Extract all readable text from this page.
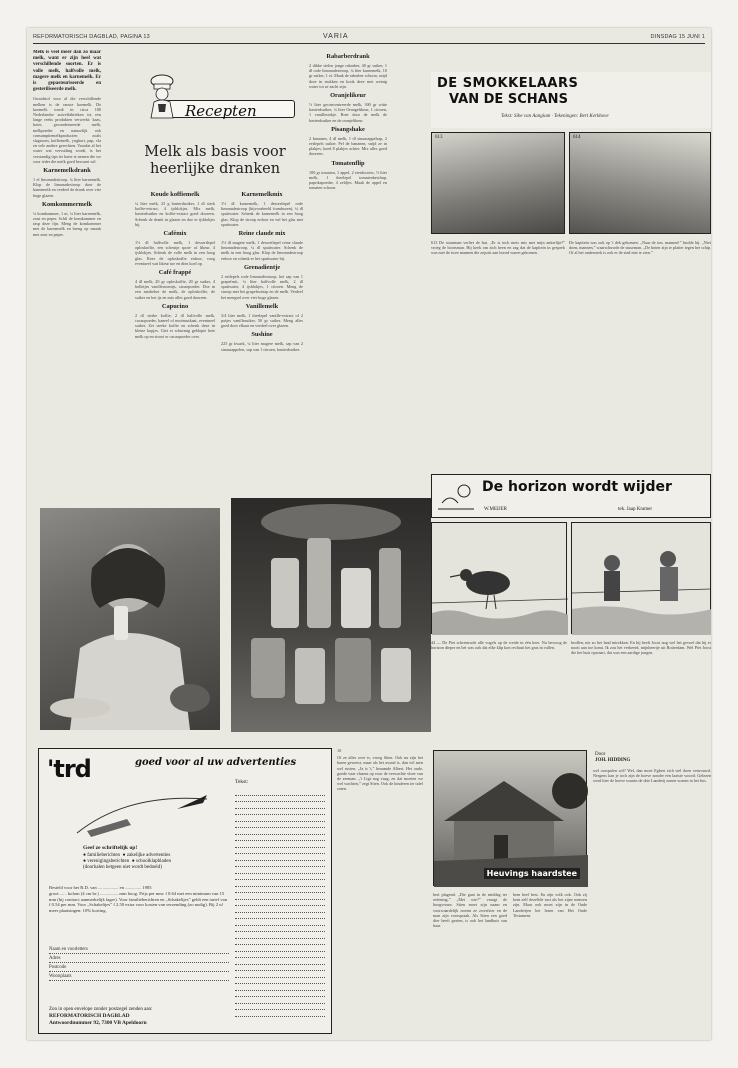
REFORMATORISCH DAGBLAD, PAGINA 13	VARIA	DINSDAG 15 JUNI 1

Melk is veel meer dan zo maar melk, want er zijn heel wat verschillende soorten. Er is volle melk, halfvolle melk, magere melk en karnemelk. Er is gepasteuriseerde en gesteriliseerde melk.

Grondstof voor al die verschillende melken is de rauwe koemelk. De koemelk wordt in circa 180 Nederlandse zuivelfabrieken tot een lange reeks produkten verwerkt: kaas, boter, gecondenseerde melk, melkpoeder en natuurlijk ook consumptiemelkproducten zoals slagroom, koffiemelk, yoghurt, pap, vla en vele andere gerechten. Voordat al het water wat vervuiling wordt, is het verstandig tips ter harte te nemen die we voor ieder die melk goed bewaart wil.

Karnemelkdrank

1 el limonadesiroop, ¼ liter karnemelk. Klop de limonadesiroop door de karnemelk en verdeel de drank over vier hoge glazen.

Komkommermelk

¼ komkommer, 1 ui, ¼ liter karnemelk, zout en peper. Schil de komkommer en rasp deze fijn. Meng de komkommer met de karnemelk en breng op smaak met zout en peper.

Recepten
Melk als basis voor heerlijke dranken
Koude koffiemelk

¼ liter melk, 23 g basterdsuiker, 1 dl sterk koffie-extract, 4 ijsblokjes. Mix melk, basterdsuiker en koffie-extract goed dooreen. Schenk de drank in glazen en doe er ijsblokjes bij.

Cafémix

1½ dl halfvolle melk, 1 dessertlepel oploskoffie, een scheutje sport- of likeur, 4 ijsblokjes. Schenk de volle melk in een hoog glas. Roer de oploskoffie erdoor, voeg eventueel wat likeur toe en dien koel op.

Café frappé

4 dl melk, 20 gr oploskoffie, 20 gr suiker, 4 bolletjes vanilleroomijs, cacaopoeder. Doe in een mixbeker de melk, de oploskoffie, de suiker en het ijs en mix alles goed dooreen.

Capucino

2 dl sterke koffie, 2 dl halfvolle melk, cacaopoeder, kaneel of nootmuskaat, eventueel suiker. Zet sterke koffie en schenk deze in kleine kopjes. Giet er schuimig geklopte hete melk op en strooi er cacaopoeder over.

Karnemelkmix

1½ dl karnemelk, 1 dessertlepel rode limonadesiroop (bijvoorbeeld frambozen), ¼ dl spuitwater. Schenk de karnemelk in een hoog glas. Klop de siroop erdoor en vul het glas met spuitwater.

Reine claude mix

1½ dl magere melk, 1 dessertlepel reine claude limonadesiroop, ¼ dl spuitwater. Schenk de melk in een hoog glas. Klop de limonadesiroop erdoor en schenk er het spuitwater bij.

Grenadientje

2 eetlepels rode limonadesiroop, het sap van 1 grapefruit, ¼ liter halfvolle melk, 2 dl spuitwater, 4 ijsblokjes, 1 citroen. Meng de siroop met het grapefruitsap en de melk. Verdeel het mengsel over vier hoge glazen.

Vanillemelk

3/4 liter melk, 1 theelepel vanille-extract of 2 potjes vanillesuiker, 50 gr suiker. Meng alles goed door elkaar en verdeel over glazen.

Sushine

225 gr kwark, ¼ liter magere melk, sap van 2 sinaasappelen, sap van 1 citroen, basterdsuiker.

Rabarberdrank

2 dikke stelen jonge rabarber, 40 gr suiker, 1 dl rode limonadesiroop, ¼ liter karnemelk, 10 gr suiker, 1 ei. Maak de rabarber schoon, snijd deze in stukken en kook deze met weinig water tot ze zacht zijn.

Oranjelikeur

½ liter geconcentreerde melk, 300 gr witte basterdsuiker, ¼ liter Orangelikeur, 1 citroen, 1 vanillestokje. Roer door de melk de basterdsuiker en de oranjelikeur.

Pisangshake

2 bananen, 4 dl melk, 1 dl sinaasappelsap, 2 eetlepels suiker. Pel de bananen, snijd ze in plakjes, hoed 8 plakjes achter. Mix alles goed dooreen.

Tomatenflip

100 gr tomaten, 1 appel, 2 eierdooiers, ½ liter melk, 1 theelepel tomatenketchup, paprikapoeder, 4 zeldjes. Maak de appel en tomaten schoon.

DE SMOKKELAARS
VAN DE SCHANS
Tekst: Sibe van Aangium · Tekeningen: Bert Kerkhove
613	614

613 De stuurman verliet de hut. „Er is toch niets mis met mijn ankerlijn?” vroeg de bootsman. Hij keek om zich heen en zag dat de kapitein in gesprek was met de twee mannen die zojuist aan boord waren gekomen.

De kapitein was ook op 't dek gekomen. „Naar de ton, mannen!” brulde hij. „Niet doen, mannen,” waarschuwde de stuurman. „De boten zijn te platter tegen het schip. Of al het onderzoek is ook er de stad niet te zien.”

De horizon wordt wijder
W.MEIJER	tek. Jaap Kramer

44 — De Piet schreeuwde alle vogels op de weide in één keer. Nu bewoog de horizon dieper en het was ook dat elke klip kon rechtuit het gras in vallen.

brullen, nie zo het land intrekken. En hij heeft Joost nog wel het gevoel dat hij er nooit aan toe komt. Ik zou het verkeerd, mijnheertje uit Rotterdam. Wel Piet Joost die het huis opwaart, dat was een aardige jongen.

'trd	goed voor al uw advertenties
Tekst:
Geef ze schriftelijk op!
● familieberichten  ● zakelijke advertenties
● verenigingsberichten  ● schoolklapbladen
(doorhalen hetgeen niet wordt bedoeld)
Besteld voor het R.D. van .................. en .............. 1985
groot ...... kolom (4 cm br.) ................ mm hoog. Prijs per mm: f 0.64 met een minimum van 15 mm (bij contract aanmerkelijk lager). Voor familieberichten en „Schakeltjes” geldt een tarief van f 0.54 per mm. Voor „Schakeltjes” f 2.50 extra voor kosten van verzending (zo nodig). Bij 2 of meer plaatsingen: 10% korting.
Naam en voorletters
Adres
Postcode
Woonplaats
Zon in open envelope zonder postzegel zenden aan:
REFORMATORISCH DAGBLAD
Antwoordnummer 92, 7300 VB Apeldoorn

10

Of ze alles over is, vroeg Stien. Ook nu zijn het haren geweest, maar als het avond is, dan wil men wel rusten. „Ja is 't,” beaamde Albert. Het oude, goede vaar vlaams op voor de verwachte vloer van de zeeman. „'t Ligt nog vaag, en dat moeten we wel wachten,” zegt Stien. Ook de kinderen ter tafel zaten.

Heuvings haardstee
Door
JOH. HIDDING

bert plagend. „Die gaat in de middag ter oefening.” „Met wie?” vraagt de hoogvrouw. Stien moet zijn naam en voorwaardelijk noemt ze zwerfster en de man zijn voorspraak. Als Stien een goed dier heeft gezien, is ook het landhuis van haar.

bem heel best. En zijn volk ook. Ook zij kent zelf dezelfde rust als het zijne mensen zijn. Maar ook moet zijn in de Oude Landerijen het lezen van Het Oude Testament.

wel oorspalen wil? Wel, dan moet Egbert zich wel doen vertrouwd. Nergens kan je toch zijn de hoeve zonder een laatste woord. Gelezen werd hier de hoeve waarin de drie Landerij zonen wonen in het bos.
